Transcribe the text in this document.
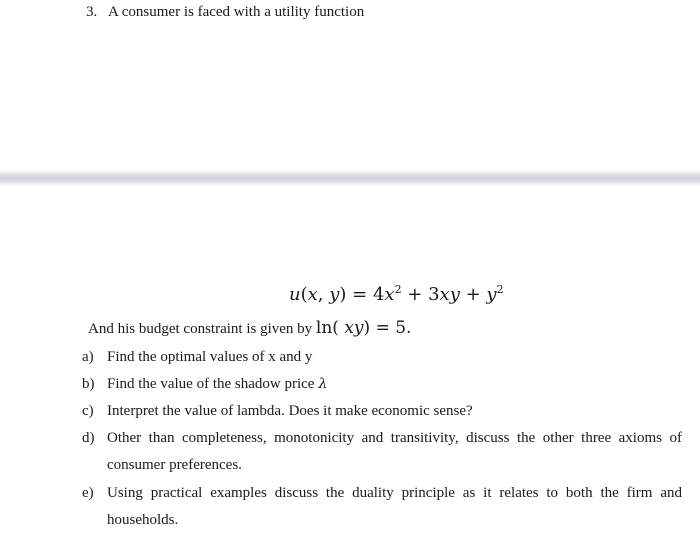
3. A consumer is faced with a utility function
u(x, $y) = 4x^2 + 3xy + y^2$
And his budget constraint is given by ln( xy) = 5.
a) Find the optimal values of x and y
b) Find the value of the shadow price λ
c) Interpret the value of lambda. Does it make economic sense?
d) Other than completeness, monotonicity and transitivity, discuss the other three axioms of consumer preferences.
e) Using practical examples discuss the duality principle as it relates to both the firm and households.
